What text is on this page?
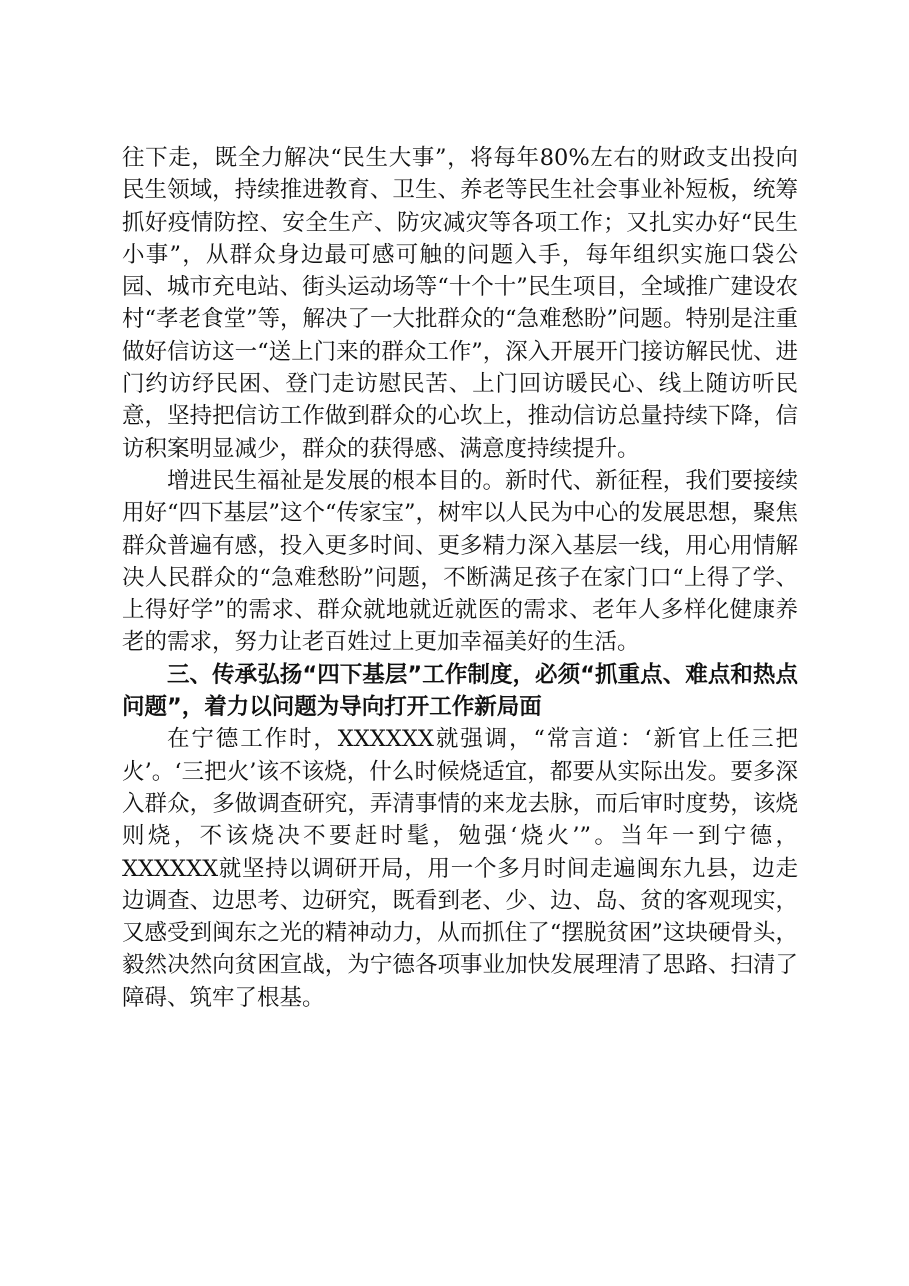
往下走，既全力解决“民生大事”，将每年80%左右的财政支出投向民生领域，持续推进教育、卫生、养老等民生社会事业补短板，统筹抓好疫情防控、安全生产、防灾减灾等各项工作；又扎实办好“民生小事”，从群众身边最可感可触的问题入手，每年组织实施口袋公园、城市充电站、街头运动场等“十个十”民生项目，全域推广建设农村“孝老食堂”等，解决了一大批群众的“急难愁盼”问题。特别是注重做好信访这一“送上门来的群众工作”，深入开展开门接访解民忧、进门约访纾民困、登门走访慰民苦、上门回访暖民心、线上随访听民意，坚持把信访工作做到群众的心坎上，推动信访总量持续下降，信访积案明显减少，群众的获得感、满意度持续提升。

增进民生福祉是发展的根本目的。新时代、新征程，我们要接续用好“四下基层”这个“传家宝”，树牢以人民为中心的发展思想，聚焦群众普遍有感，投入更多时间、更多精力深入基层一线，用心用情解决人民群众的“急难愁盼”问题，不断满足孩子在家门口“上得了学、上得好学”的需求、群众就地就近就医的需求、老年人多样化健康养老的需求，努力让老百姓过上更加幸福美好的生活。

三、传承弘扬“四下基层”工作制度，必须“抓重点、难点和热点问题”，着力以问题为导向打开工作新局面

在宁德工作时，XXXXXX就强调，“常言道：‘新官上任三把火’。‘三把火’该不该烧，什么时候烧适宜，都要从实际出发。要多深入群众，多做调查研究，弄清事情的来龙去脉，而后审时度势，该烧则烧，不该烧决不要赶时髦，勉强‘烧火’”。当年一到宁德，XXXXXX就坚持以调研开局，用一个多月时间走遍闽东九县，边走边调查、边思考、边研究，既看到老、少、边、岛、贫的客观现实，又感受到闽东之光的精神动力，从而抓住了“摆脱贫困”这块硬骨头，毅然决然向贫困宣战，为宁德各项事业加快发展理清了思路、扫清了障碍、筑牢了根基。
